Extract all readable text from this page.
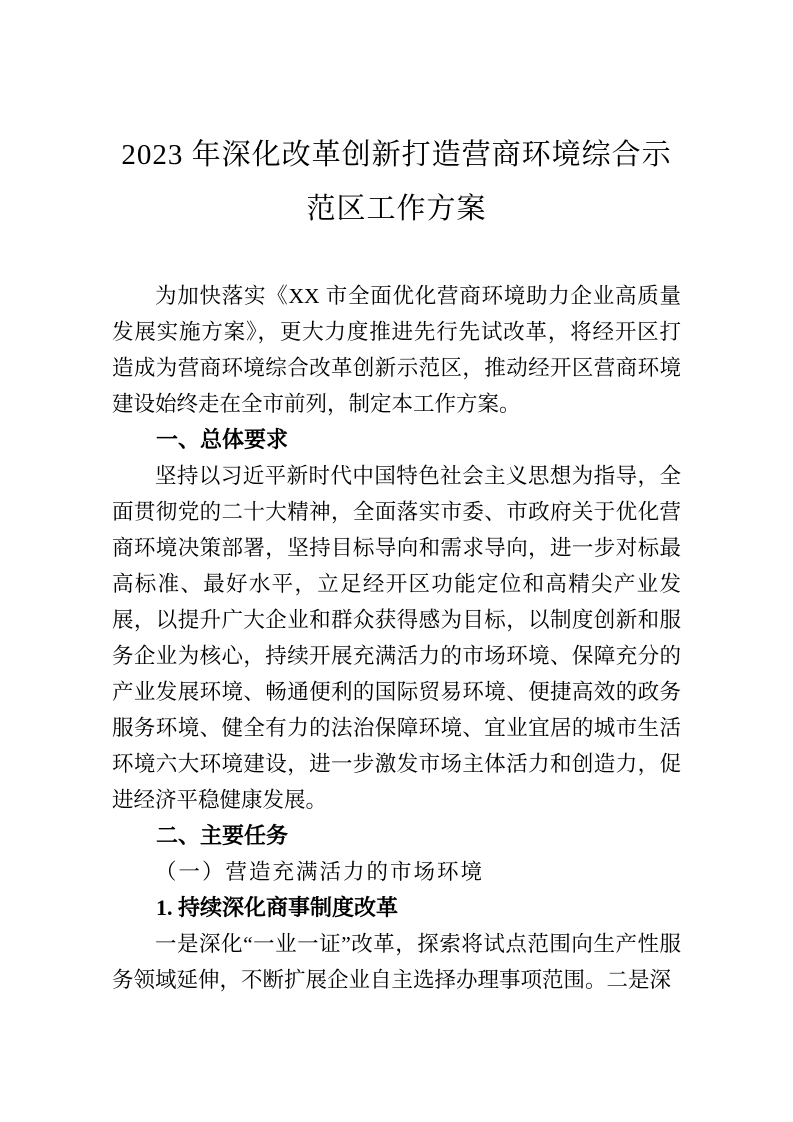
2023 年深化改革创新打造营商环境综合示
范区工作方案

为加快落实《XX 市全面优化营商环境助力企业高质量发展实施方案》，更大力度推进先行先试改革，将经开区打造成为营商环境综合改革创新示范区，推动经开区营商环境建设始终走在全市前列，制定本工作方案。

一、总体要求

坚持以习近平新时代中国特色社会主义思想为指导，全面贯彻党的二十大精神，全面落实市委、市政府关于优化营商环境决策部署，坚持目标导向和需求导向，进一步对标最高标准、最好水平，立足经开区功能定位和高精尖产业发展，以提升广大企业和群众获得感为目标，以制度创新和服务企业为核心，持续开展充满活力的市场环境、保障充分的产业发展环境、畅通便利的国际贸易环境、便捷高效的政务服务环境、健全有力的法治保障环境、宜业宜居的城市生活环境六大环境建设，进一步激发市场主体活力和创造力，促进经济平稳健康发展。

二、主要任务
（一）营造充满活力的市场环境
1. 持续深化商事制度改革

一是深化“一业一证”改革，探索将试点范围向生产性服务领域延伸，不断扩展企业自主选择办理事项范围。二是深
